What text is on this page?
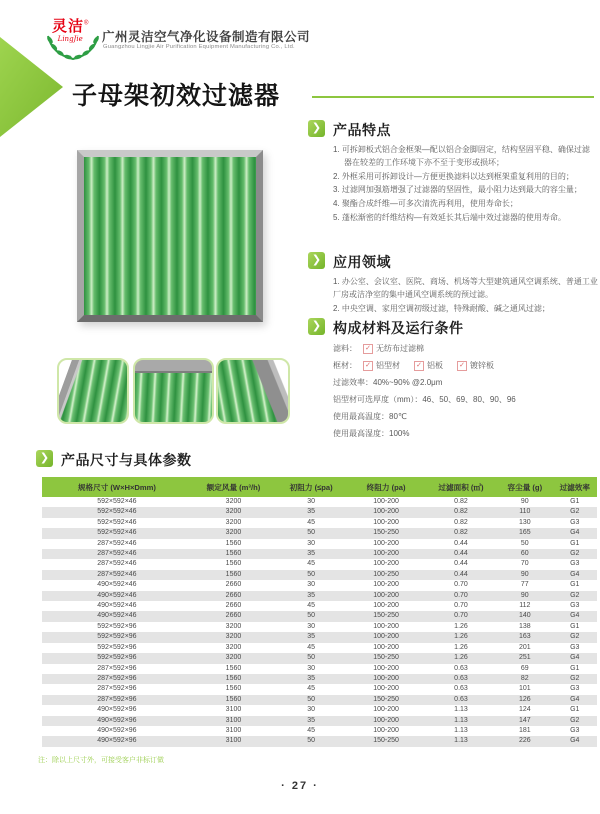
灵洁®
LingJie	广州灵洁空气净化设备制造有限公司
Guangzhou Lingjie Air Purification Equipment Manufacturing Co., Ltd.
子母架初效过滤器
❯ 产品特点
1. 可拆卸板式铝合金框架—配以铝合金脚固定，结构坚固平稳、确保过滤器在较差的工作环境下亦不至于变形或损坏；
2. 外框采用可拆卸设计—方便更换滤料以达到框架重复利用的目的；
3. 过滤网加强筋增强了过滤器的坚固性，最小阻力达到最大的容尘量；
4. 聚酯合成纤维—可多次清洗再利用，使用寿命长；
5. 蓬松渐密的纤维结构—有效延长其后端中效过滤器的使用寿命。
❯ 应用领域
1. 办公室、会议室、医院、商场、机场等大型建筑通风空调系统、普通工业厂房或洁净室的集中通风空调系统的预过滤。
2. 中央空调、家用空调初级过滤，特殊耐酸、碱之通风过滤；
❯ 构成材料及运行条件
滤料： ✓ 无纺布过滤棉
框材： ✓ 铝型材 ✓ 铝板 ✓ 镀锌板
过滤效率：40%~90% @2.0μm
铝型材可选厚度（mm）：46、50、69、80、90、96
使用最高温度：80℃
使用最高湿度：100%
❯ 产品尺寸与具体参数
规格尺寸 (W×H×Dmm)	额定风量 (m³/h)	初阻力 (≤pa)	终阻力 (pa)	过滤面积 (㎡)	容尘量 (g)	过滤效率
592×592×46	3200	30	100-200	0.82	90	G1
592×592×46	3200	35	100-200	0.82	110	G2
592×592×46	3200	45	100-200	0.82	130	G3
592×592×46	3200	50	150-250	0.82	165	G4
287×592×46	1560	30	100-200	0.44	50	G1
287×592×46	1560	35	100-200	0.44	60	G2
287×592×46	1560	45	100-200	0.44	70	G3
287×592×46	1560	50	100-250	0.44	90	G4
490×592×46	2660	30	100-200	0.70	77	G1
490×592×46	2660	35	100-200	0.70	90	G2
490×592×46	2660	45	100-200	0.70	112	G3
490×592×46	2660	50	150-250	0.70	140	G4
592×592×96	3200	30	100-200	1.26	138	G1
592×592×96	3200	35	100-200	1.26	163	G2
592×592×96	3200	45	100-200	1.26	201	G3
592×592×96	3200	50	150-250	1.26	251	G4
287×592×96	1560	30	100-200	0.63	69	G1
287×592×96	1560	35	100-200	0.63	82	G2
287×592×96	1560	45	100-200	0.63	101	G3
287×592×96	1560	50	150-250	0.63	126	G4
490×592×96	3100	30	100-200	1.13	124	G1
490×592×96	3100	35	100-200	1.13	147	G2
490×592×96	3100	45	100-200	1.13	181	G3
490×592×96	3100	50	150-250	1.13	226	G4
注：除以上尺寸外，可接受客户非标订做
· 27 ·
